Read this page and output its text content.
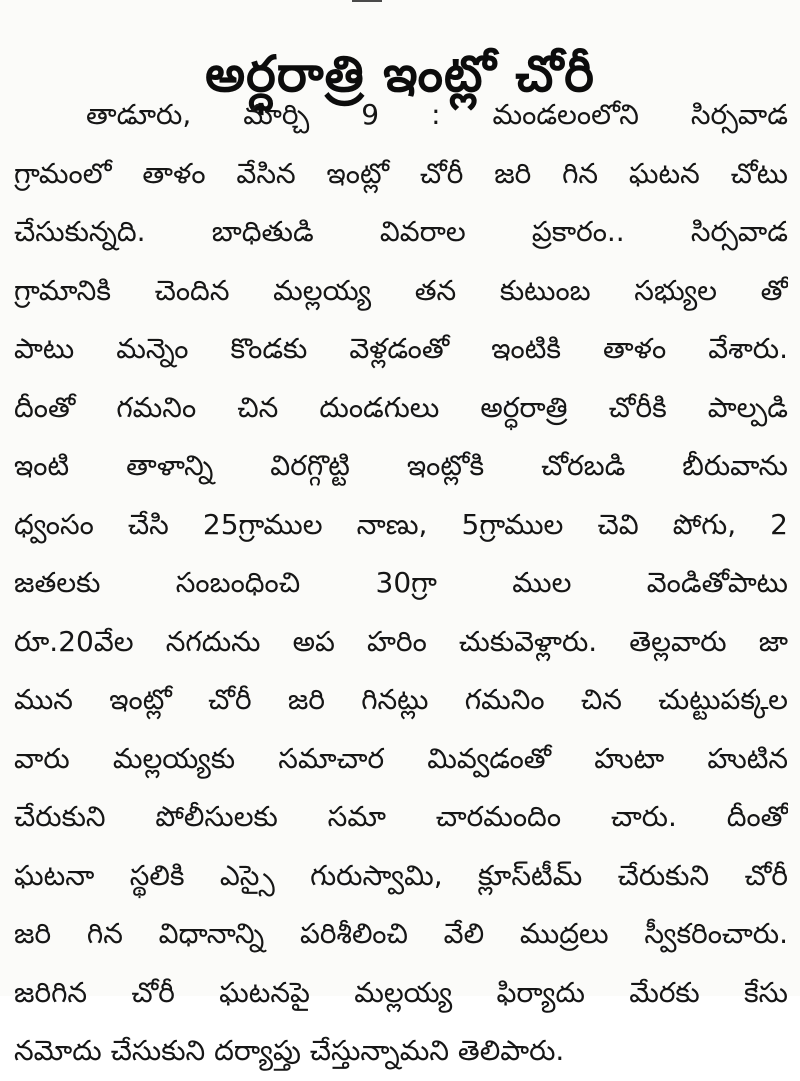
అర్ధరాత్రి ఇంట్లో చోరీ
తాడూరు, మార్చి 9 : మండలంలోని సిర్సవాడ
గ్రామంలో తాళం వేసిన ఇంట్లో చోరీ జరి గిన ఘటన చోటు
చేసుకున్నది. బాధితుడి వివరాల ప్రకారం.. సిర్సవాడ
గ్రామానికి చెందిన మల్లయ్య తన కుటుంబ సభ్యుల తో
పాటు మన్నెం కొండకు వెళ్లడంతో ఇంటికి తాళం వేశారు.
దీంతో గమనిం చిన దుండగులు అర్ధరాత్రి చోరీకి పాల్పడి
ఇంటి తాళాన్ని విరగ్గొట్టి ఇంట్లోకి చోరబడి బీరువాను
ధ్వంసం చేసి 25గ్రాముల నాణు, 5గ్రాముల చెవి పోగు, 2
జతలకు సంబంధించి 30గ్రా ముల వెండితోపాటు
రూ.20వేల నగదును అప హరిం చుకువెళ్లారు. తెల్లవారు జా
మున ఇంట్లో చోరీ జరి గినట్లు గమనిం చిన చుట్టుపక్కల
వారు మల్లయ్యకు సమాచార మివ్వడంతో హుటా హుటిన
చేరుకుని పోలీసులకు సమా చారమందిం చారు. దీంతో
ఘటనా స్థలికి ఎస్సై గురుస్వామి, క్లూస్‌టీమ్ చేరుకుని చోరీ
జరి గిన విధానాన్ని పరిశీలించి వేలి ముద్రలు స్వీకరించారు.
జరిగిన చోరీ ఘటనపై మల్లయ్య ఫిర్యాదు మేరకు కేసు
నమోదు చేసుకుని దర్యాప్తు చేస్తున్నామని తెలిపారు.
